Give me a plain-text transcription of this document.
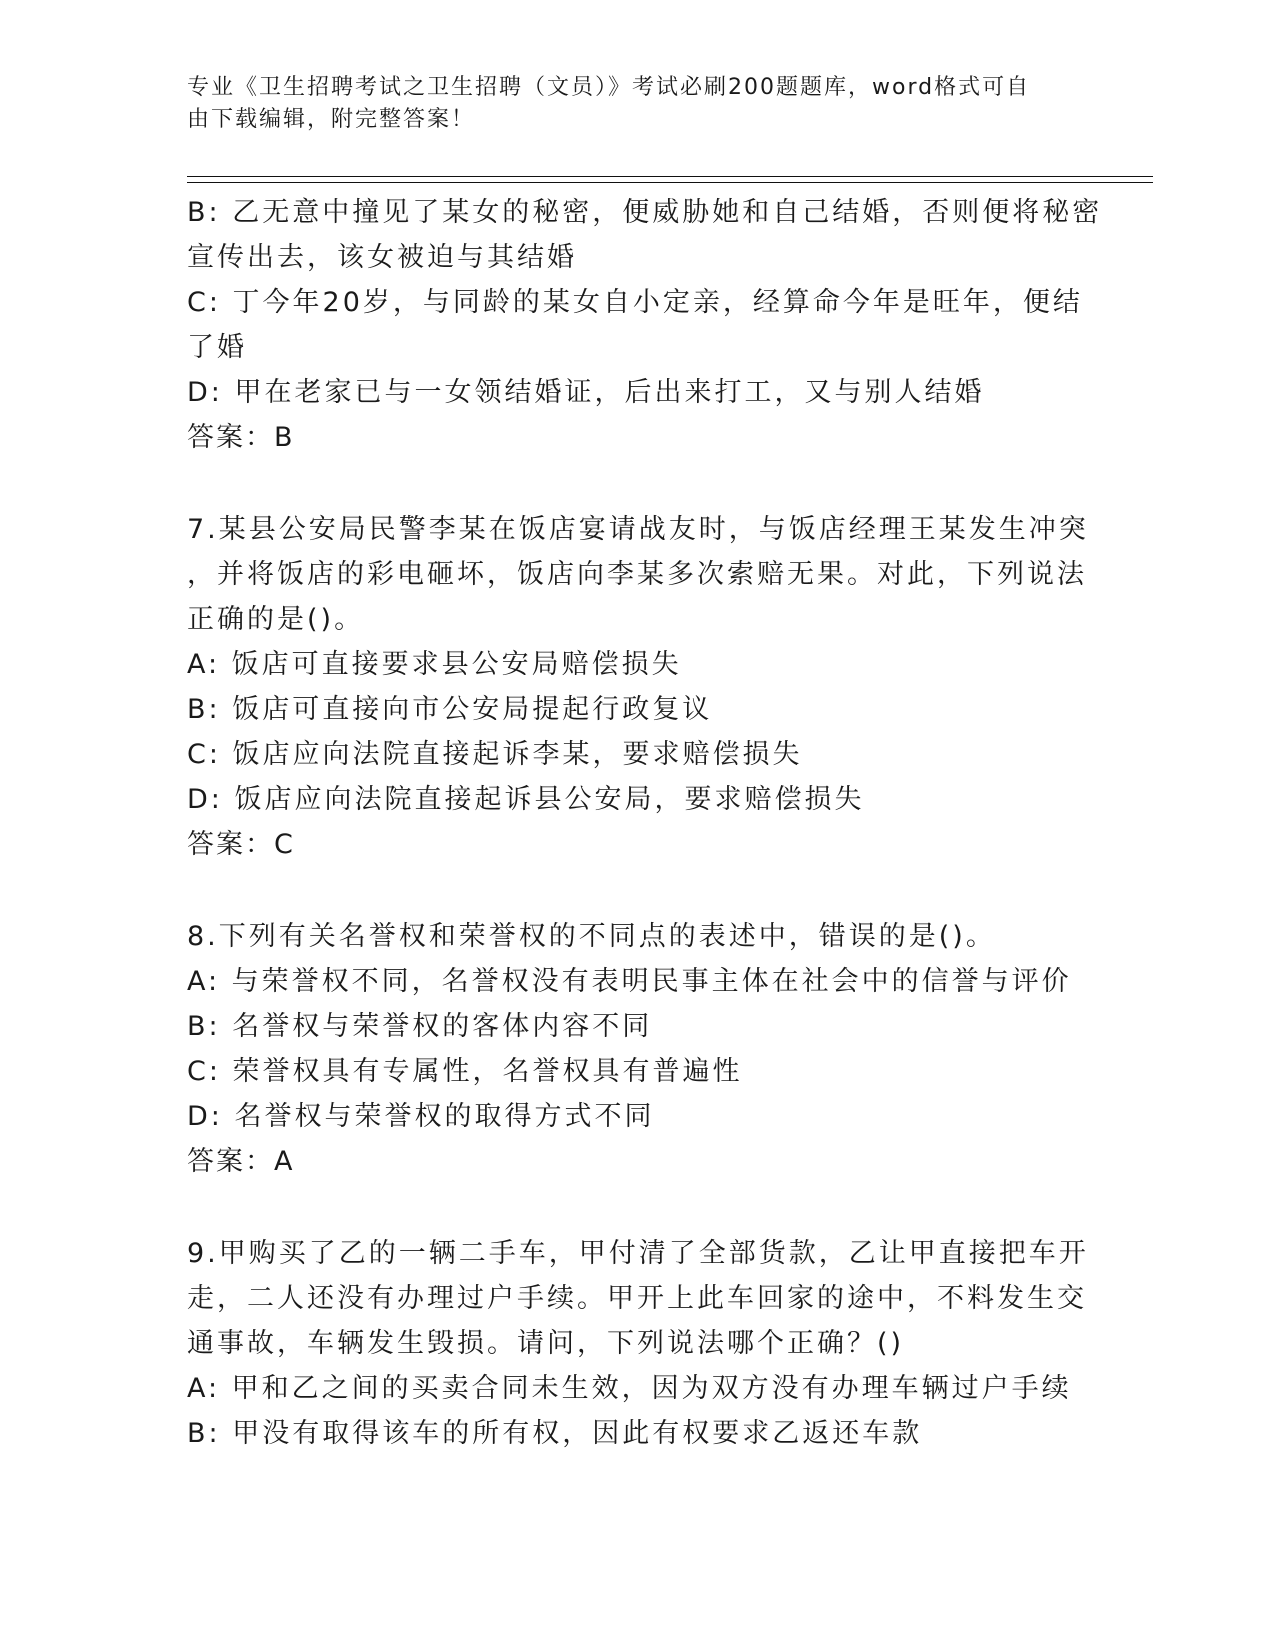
专业《卫生招聘考试之卫生招聘（文员）》考试必刷200题题库，word格式可自
由下载编辑，附完整答案！
B: 乙无意中撞见了某女的秘密，便威胁她和自己结婚，否则便将秘密
宣传出去，该女被迫与其结婚
C: 丁今年20岁，与同龄的某女自小定亲，经算命今年是旺年，便结
了婚
D: 甲在老家已与一女领结婚证，后出来打工，又与别人结婚
答案：B
7.某县公安局民警李某在饭店宴请战友时，与饭店经理王某发生冲突
，并将饭店的彩电砸坏，饭店向李某多次索赔无果。对此，下列说法
正确的是()。
A: 饭店可直接要求县公安局赔偿损失
B: 饭店可直接向市公安局提起行政复议
C: 饭店应向法院直接起诉李某，要求赔偿损失
D: 饭店应向法院直接起诉县公安局，要求赔偿损失
答案：C
8.下列有关名誉权和荣誉权的不同点的表述中，错误的是()。
A: 与荣誉权不同，名誉权没有表明民事主体在社会中的信誉与评价
B: 名誉权与荣誉权的客体内容不同
C: 荣誉权具有专属性，名誉权具有普遍性
D: 名誉权与荣誉权的取得方式不同
答案：A
9.甲购买了乙的一辆二手车，甲付清了全部货款，乙让甲直接把车开
走，二人还没有办理过户手续。甲开上此车回家的途中，不料发生交
通事故，车辆发生毁损。请问，下列说法哪个正确？()
A: 甲和乙之间的买卖合同未生效，因为双方没有办理车辆过户手续
B: 甲没有取得该车的所有权，因此有权要求乙返还车款
